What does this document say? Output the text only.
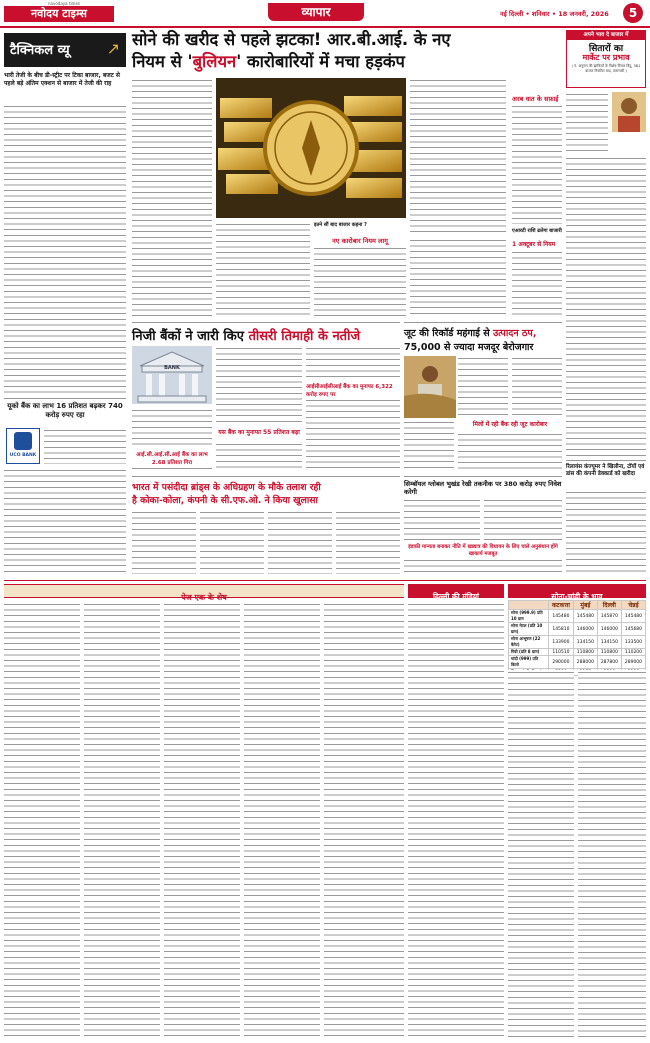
navodaya times
नवोदय टाइम्स	व्यापार	नई दिल्ली • शनिवार • 18 जनवरी, 2026	5
टैक्निकल व्यू ↗
भारी तेजी के बीच डी-स्ट्रीट पर टिका बाजार, बजट से पहले बड़े अंतिम एक्शन से बाजार में तेजी की राह
यूको बैंक का लाभ 16 प्रतिशत बढ़कर 740 करोड़ रुपए रहा
UCO BANK
सोने की खरीद से पहले झटका! आर.बी.आई. के नए
नियम से 'बुलियन' कारोबारियों में मचा हड़कंप
इतने सौं बाद बाजार कहना ?
नए कारोबार नियम लागू
अरब वात के सफ़ाई
एआरटी राशि ढलेगा बाजारी
1 अक्टूबर से नियम
अपने भाव दे बाजार में
सितारों का
मार्केट पर प्रभाव
( पं. अनुराग की झांकियाँ के विशेष विचार बिंदु, 381 बाजार नियमित बाद, वाराणसी )
निजी बैंकों ने जारी किए तीसरी तिमाही के नतीजे
BANK
यस बैंक का मुनाफा 55 प्रतिशत बढ़ा
आईसीआईसीआई बैंक का मुनाफा 6,322 करोड़ रुपए पर
आई.सी.आई.सी.आई बैंक का लाभ 2.68 प्रतिशत गिरा
जूट की रिकॉर्ड महंगाई से उत्पादन ठप,
75,000 से ज्यादा मजदूर बेरोजगार
मिलों में रही बैंक रही जूट कारोबार
भारत में पसंदीदा ब्रांड्स के अधिग्रहण के मौके तलाश रही
है कोका-कोला, कंपनी के सी.एफ.ओ. ने किया खुलासा
सिम्बॉयल ग्लोबल भुखंड रेखी तकनीक पर 380 करोड़ रुपए निवेश करेगी
इंडाफ़ी मान्यता बनाकर नीति में खाद्यात्र की विधायन के लिए चाले अनुसंधान होंगे खाकार्य मजबूत
रिलायंस कंज्यूमर ने खिलौना, टॉयों एवं डांस की कंपनी डेक्कार्ड को खरीदा
पेज एक के शेष	दिल्ली की मंडियां	सोना-चांदी के भाव
	कटकत्ता	मुंबई	दिल्ली	चेन्नई
सोना (999.9) प्रति 10 ग्राम	145480	145480	145870	145480
सोना मेटल (प्रति 10 ग्राम)	145810	146000	146000	145680
सोना आभूषण (22 कैरेट)	133900	134150	134150	133500
गिन्नी (प्रति 8 ग्राम)	110510	110800	110800	110200
चांदी (999) प्रति किलो	290000	288000	287800	289000
